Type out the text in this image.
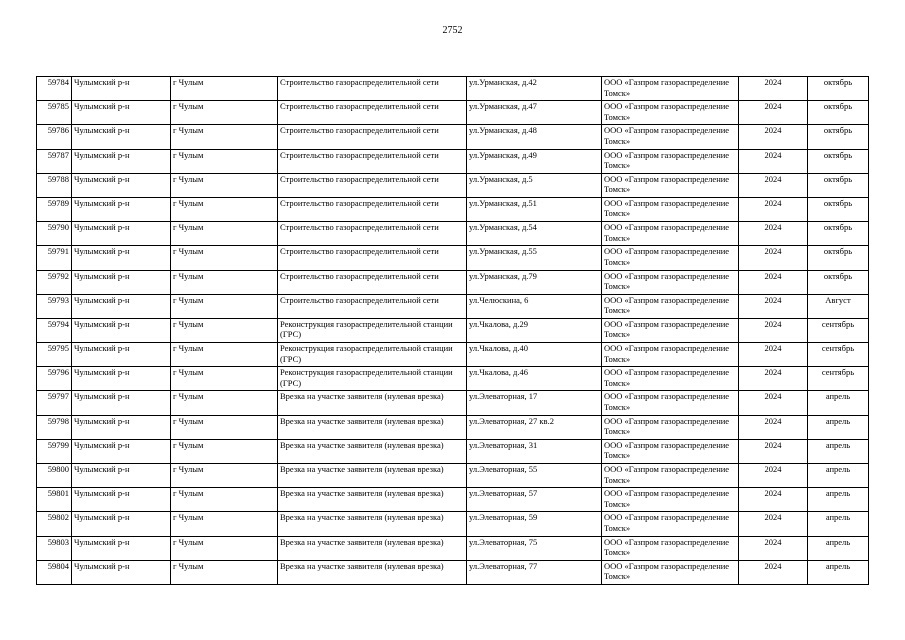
2752
59784	Чулымский р-н	г Чулым	Строительство газораспределительной сети	ул.Урманская, д.42	ООО «Газпром газораспределение Томск»	2024	октябрь
59785	Чулымский р-н	г Чулым	Строительство газораспределительной сети	ул.Урманская, д.47	ООО «Газпром газораспределение Томск»	2024	октябрь
59786	Чулымский р-н	г Чулым	Строительство газораспределительной сети	ул.Урманская, д.48	ООО «Газпром газораспределение Томск»	2024	октябрь
59787	Чулымский р-н	г Чулым	Строительство газораспределительной сети	ул.Урманская, д.49	ООО «Газпром газораспределение Томск»	2024	октябрь
59788	Чулымский р-н	г Чулым	Строительство газораспределительной сети	ул.Урманская, д.5	ООО «Газпром газораспределение Томск»	2024	октябрь
59789	Чулымский р-н	г Чулым	Строительство газораспределительной сети	ул.Урманская, д.51	ООО «Газпром газораспределение Томск»	2024	октябрь
59790	Чулымский р-н	г Чулым	Строительство газораспределительной сети	ул.Урманская, д.54	ООО «Газпром газораспределение Томск»	2024	октябрь
59791	Чулымский р-н	г Чулым	Строительство газораспределительной сети	ул.Урманская, д.55	ООО «Газпром газораспределение Томск»	2024	октябрь
59792	Чулымский р-н	г Чулым	Строительство газораспределительной сети	ул.Урманская, д.79	ООО «Газпром газораспределение Томск»	2024	октябрь
59793	Чулымский р-н	г Чулым	Строительство газораспределительной сети	ул.Челюскина, 6	ООО «Газпром газораспределение Томск»	2024	Август
59794	Чулымский р-н	г Чулым	Реконструкция газораспределительной станции (ГРС)	ул.Чкалова, д.29	ООО «Газпром газораспределение Томск»	2024	сентябрь
59795	Чулымский р-н	г Чулым	Реконструкция газораспределительной станции (ГРС)	ул.Чкалова, д.40	ООО «Газпром газораспределение Томск»	2024	сентябрь
59796	Чулымский р-н	г Чулым	Реконструкция газораспределительной станции (ГРС)	ул.Чкалова, д.46	ООО «Газпром газораспределение Томск»	2024	сентябрь
59797	Чулымский р-н	г Чулым	Врезка на участке заявителя (нулевая врезка)	ул.Элеваторная, 17	ООО «Газпром газораспределение Томск»	2024	апрель
59798	Чулымский р-н	г Чулым	Врезка на участке заявителя (нулевая врезка)	ул.Элеваторная, 27 кв.2	ООО «Газпром газораспределение Томск»	2024	апрель
59799	Чулымский р-н	г Чулым	Врезка на участке заявителя (нулевая врезка)	ул.Элеваторная, 31	ООО «Газпром газораспределение Томск»	2024	апрель
59800	Чулымский р-н	г Чулым	Врезка на участке заявителя (нулевая врезка)	ул.Элеваторная, 55	ООО «Газпром газораспределение Томск»	2024	апрель
59801	Чулымский р-н	г Чулым	Врезка на участке заявителя (нулевая врезка)	ул.Элеваторная, 57	ООО «Газпром газораспределение Томск»	2024	апрель
59802	Чулымский р-н	г Чулым	Врезка на участке заявителя (нулевая врезка)	ул.Элеваторная, 59	ООО «Газпром газораспределение Томск»	2024	апрель
59803	Чулымский р-н	г Чулым	Врезка на участке заявителя (нулевая врезка)	ул.Элеваторная, 75	ООО «Газпром газораспределение Томск»	2024	апрель
59804	Чулымский р-н	г Чулым	Врезка на участке заявителя (нулевая врезка)	ул.Элеваторная, 77	ООО «Газпром газораспределение Томск»	2024	апрель
